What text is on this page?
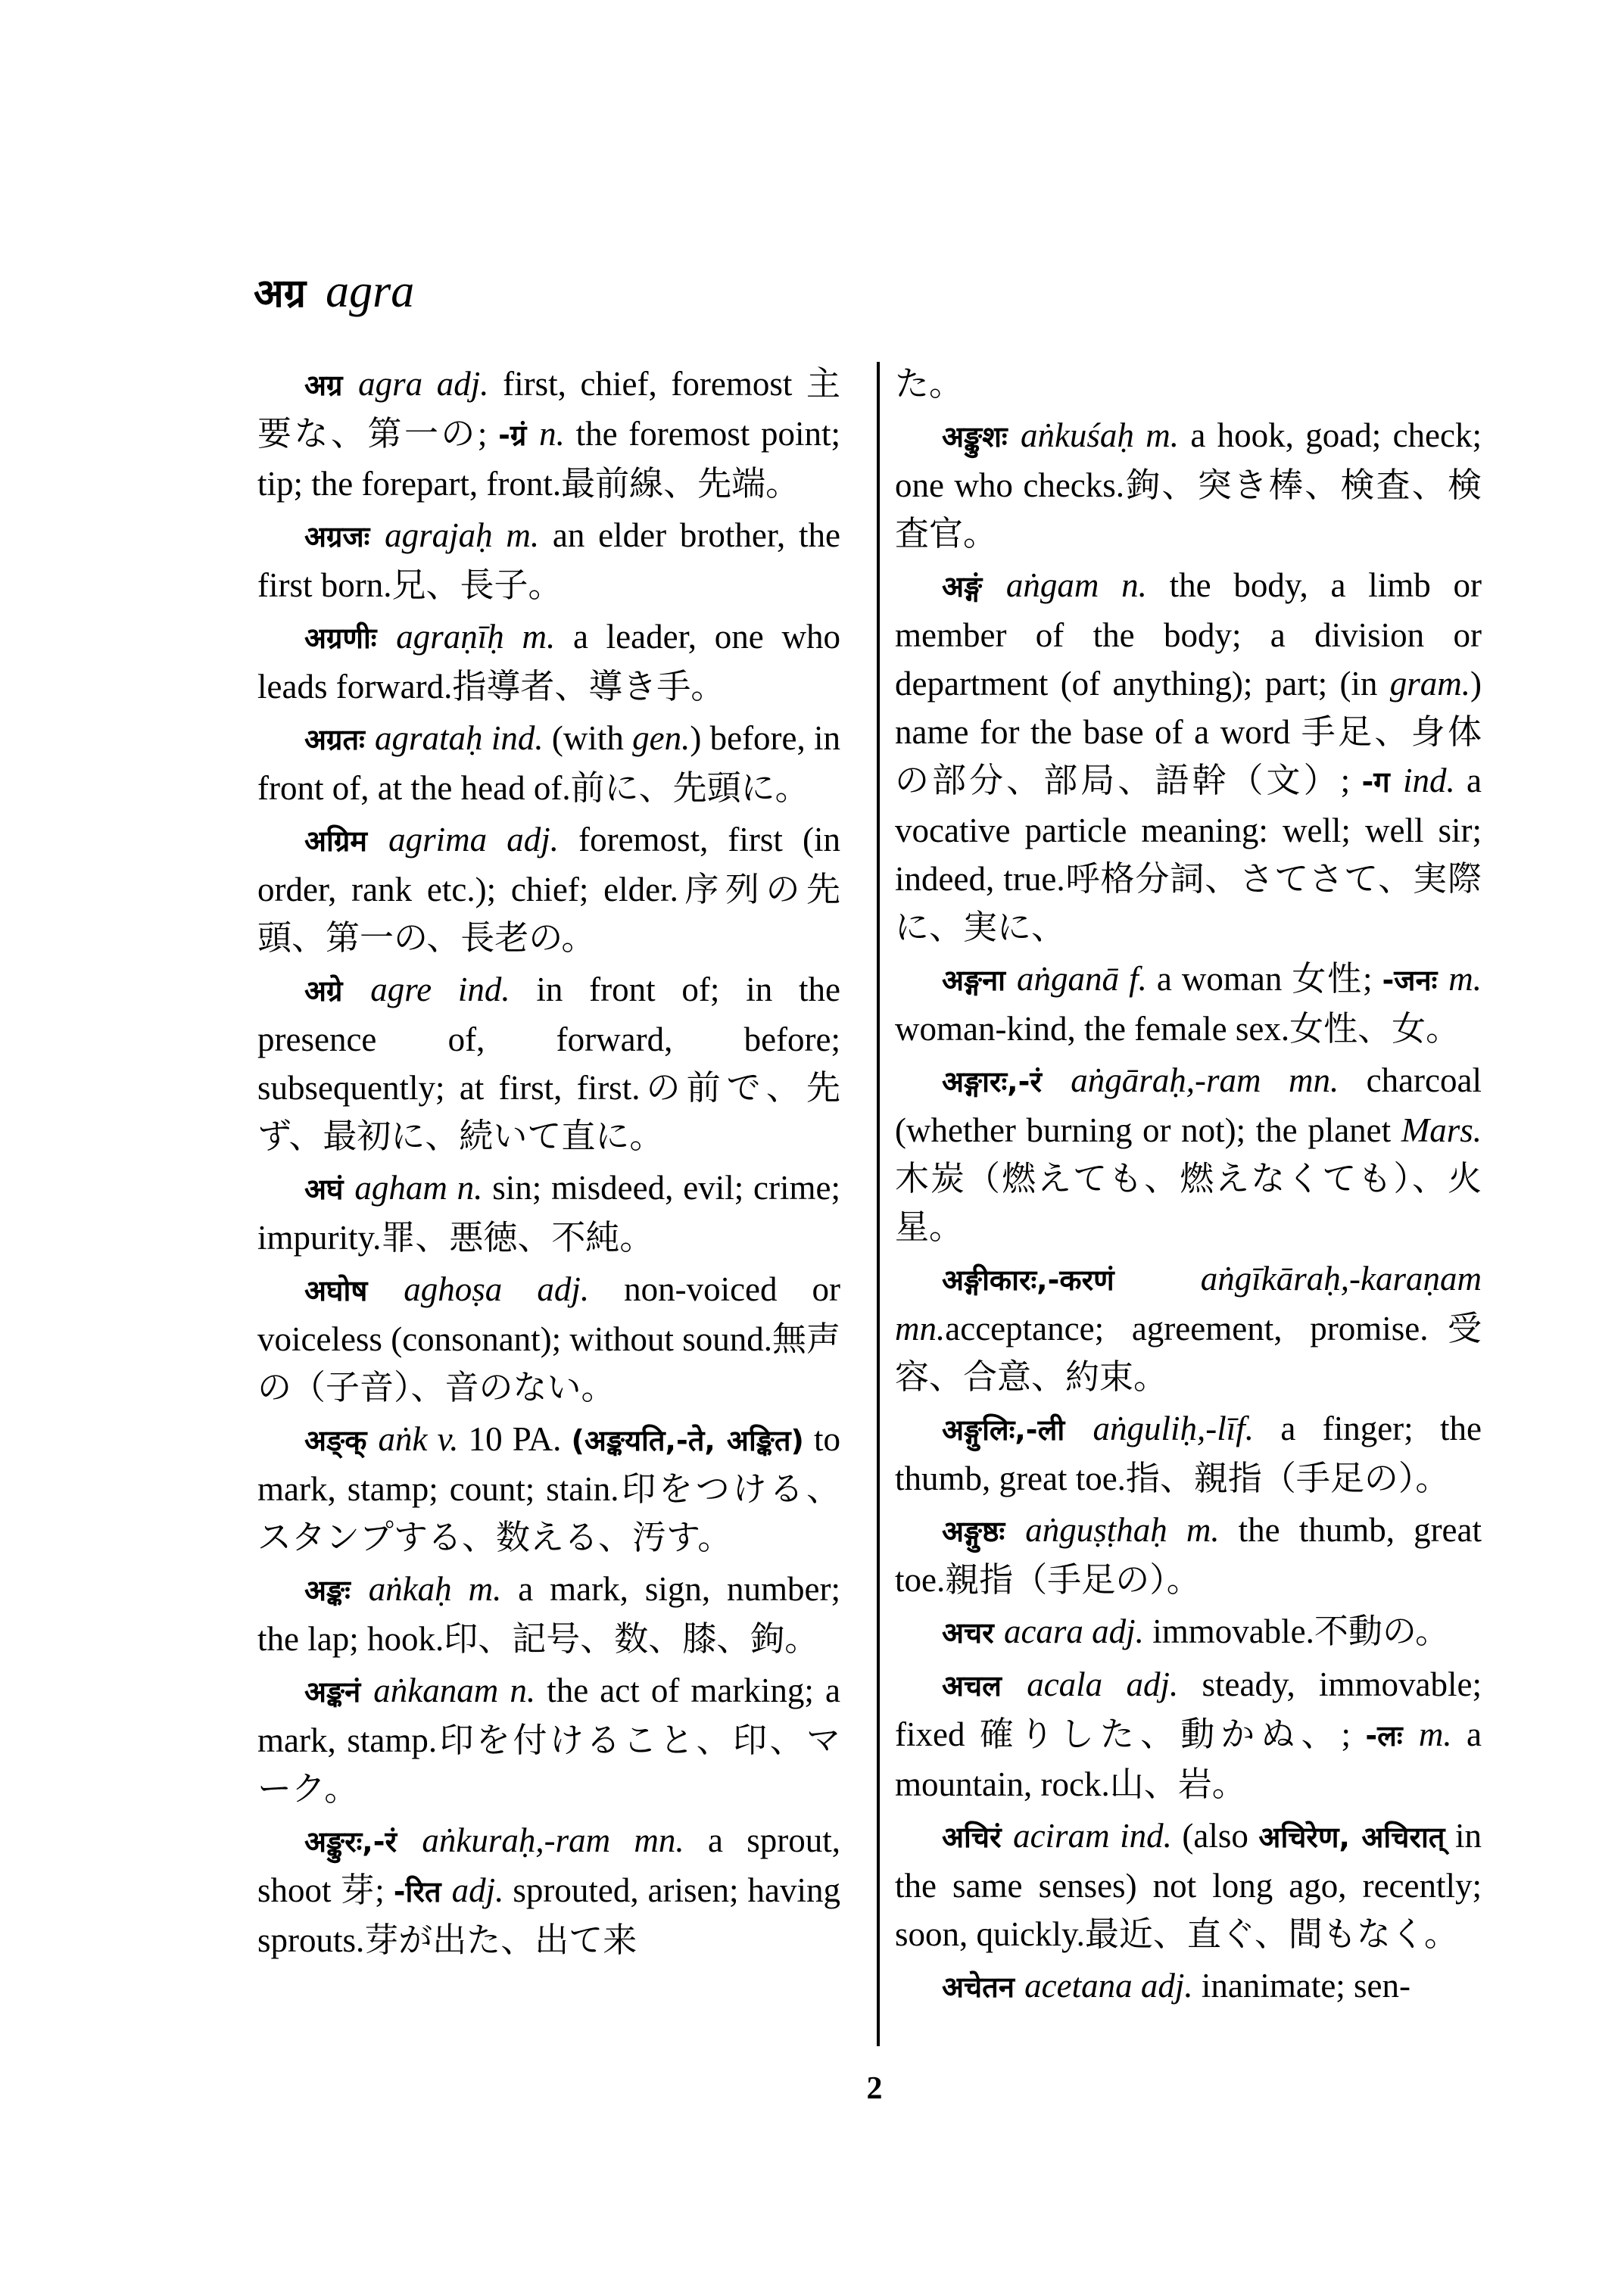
अग्र agra

अग्र agra adj. first, chief, foremost 主要な、第一の; -ग्रं n. the foremost point; tip; the forepart, front.最前線、先端。

अग्रजः agrajaḥ m. an elder brother, the first born.兄、長子。

अग्रणीः agraṇīḥ m. a leader, one who leads forward.指導者、導き手。

अग्रतः agrataḥ ind. (with gen.) before, in front of, at the head of.前に、先頭に。

अग्रिम agrima adj. foremost, first (in order, rank etc.); chief; elder.序列の先頭、第一の、長老の。

अग्रे agre ind. in front of; in the presence of, forward, before; subsequently; at first, first.の前で、先ず、最初に、続いて直に。

अघं agham n. sin; misdeed, evil; crime; impurity.罪、悪徳、不純。

अघोष aghoṣa adj. non-voiced or voiceless (consonant); without sound.無声の（子音）、音のない。

अङ्क् aṅk v. 10 PA. (अङ्कयति,-ते, अङ्कित) to mark, stamp; count; stain.印をつける、スタンプする、数える、汚す。

अङ्कः aṅkaḥ m. a mark, sign, number; the lap; hook.印、記号、数、膝、鉤。

अङ्कनं aṅkanam n. the act of marking; a mark, stamp.印を付けること、印、マーク。

अङ्कुरः,-रं aṅkuraḥ,-ram mn. a sprout, shoot 芽; -रित adj. sprouted, arisen; having sprouts.芽が出た、出て来

た。

अङ्कुशः aṅkuśaḥ m. a hook, goad; check; one who checks.鉤、突き棒、検査、検査官。

अङ्गं aṅgam n. the body, a limb or member of the body; a division or department (of anything); part; (in gram.) name for the base of a word 手足、身体の部分、部局、語幹（文）; -ग ind. a vocative particle meaning: well; well sir; indeed, true.呼格分詞、さてさて、実際に、実に、

अङ्गना aṅganā f. a woman 女性; -जनः m. woman-kind, the female sex.女性、女。

अङ्गारः,-रं aṅgāraḥ,-ram mn. charcoal (whether burning or not); the planet Mars.木炭（燃えても、燃えなくても）、火星。

अङ्गीकारः,-करणं aṅgīkāraḥ,-karaṇam mn.acceptance; agreement, promise.受容、合意、約束。

अङ्गुलिः,-ली aṅguliḥ,-līf. a finger; the thumb, great toe.指、親指（手足の）。

अङ्गुष्ठः aṅguṣṭhaḥ m. the thumb, great toe.親指（手足の）。

अचर acara adj. immovable.不動の。

अचल acala adj. steady, immovable; fixed 確りした、動かぬ、; -लः m. a mountain, rock.山、岩。

अचिरं aciram ind. (also अचिरेण, अचिरात् in the same senses) not long ago, recently; soon, quickly.最近、直ぐ、間もなく。

अचेतन acetana adj. inanimate; sen-

2
